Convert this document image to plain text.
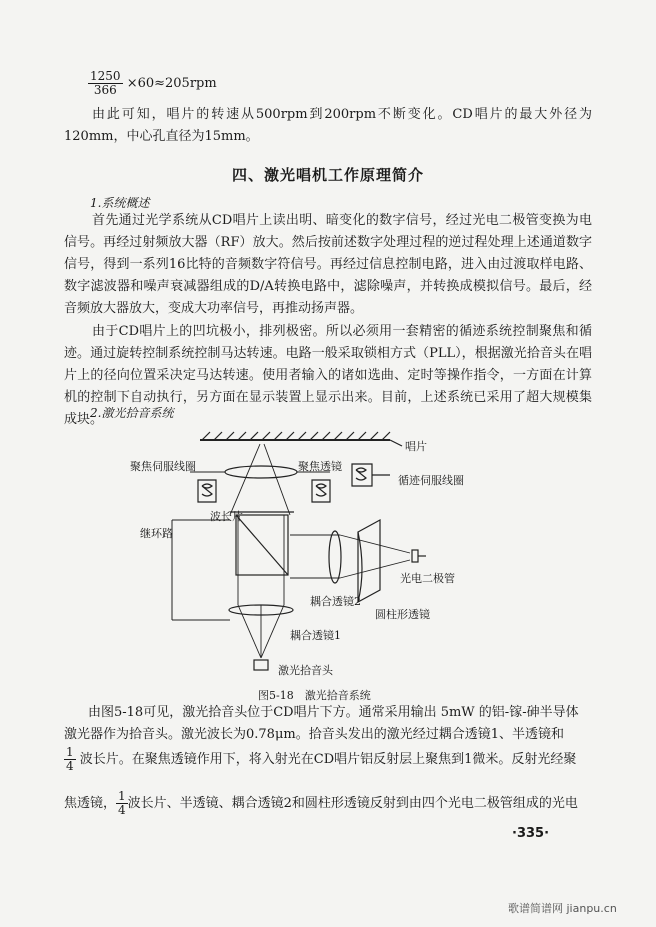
$\frac{1250}{366} \times 60\approx 205rpm$
由此可知，唱片的转速从500rpm到200rpm不断变化。CD唱片的最大外径为120mm，中心孔直径为15mm。
四、激光唱机工作原理简介
1.系统概述
首先通过光学系统从CD唱片上读出明、暗变化的数字信号，经过光电二极管变换为电信号。再经过射频放大器（RF）放大。然后按前述数字处理过程的逆过程处理上述通道数字信号，得到一系列16比特的音频数字符信号。再经过信息控制电路，进入由过渡取样电路、数字滤波器和噪声衰减器组成的D/A转换电路中，滤除噪声，并转换成模拟信号。最后，经音频放大器放大，变成大功率信号，再推动扬声器。
由于CD唱片上的凹坑极小，排列极密。所以必须用一套精密的循迹系统控制聚焦和循迹。通过旋转控制系统控制马达转速。电路一般采取锁相方式（PLL），根据激光拾音头在唱片上的径向位置采决定马达转速。使用者输入的诸如选曲、定时等操作指令，一方面在计算机的控制下自动执行，另方面在显示装置上显示出来。目前，上述系统已采用了超大规模集成块。
2.激光拾音系统
聚焦伺服线圈	聚焦透镜
唱片
循迹伺服线圈
继环路
波长片
光电二极管
耦合透镜2
圆柱形透镜
耦合透镜1
激光拾音头
图5-18　激光拾音系统
由图5-18可见，激光拾音头位于CD唱片下方。通常采用输出 5mW 的铝-镓-砷半导体
激光器作为拾音头。激光波长为0.78μm。拾音头发出的激光经过耦合透镜1、半透镜和
$\frac{1}{4}$ 波长片。在聚焦透镜作用下，将入射光在CD唱片铝反射层上聚焦到1微米。反射光经聚
焦透镜， $\frac{1}{4}$ 波长片、半透镜、耦合透镜2和圆柱形透镜反射到由四个光电二极管组成的光电
·335·
歌谱简谱网 jianpu.cn
